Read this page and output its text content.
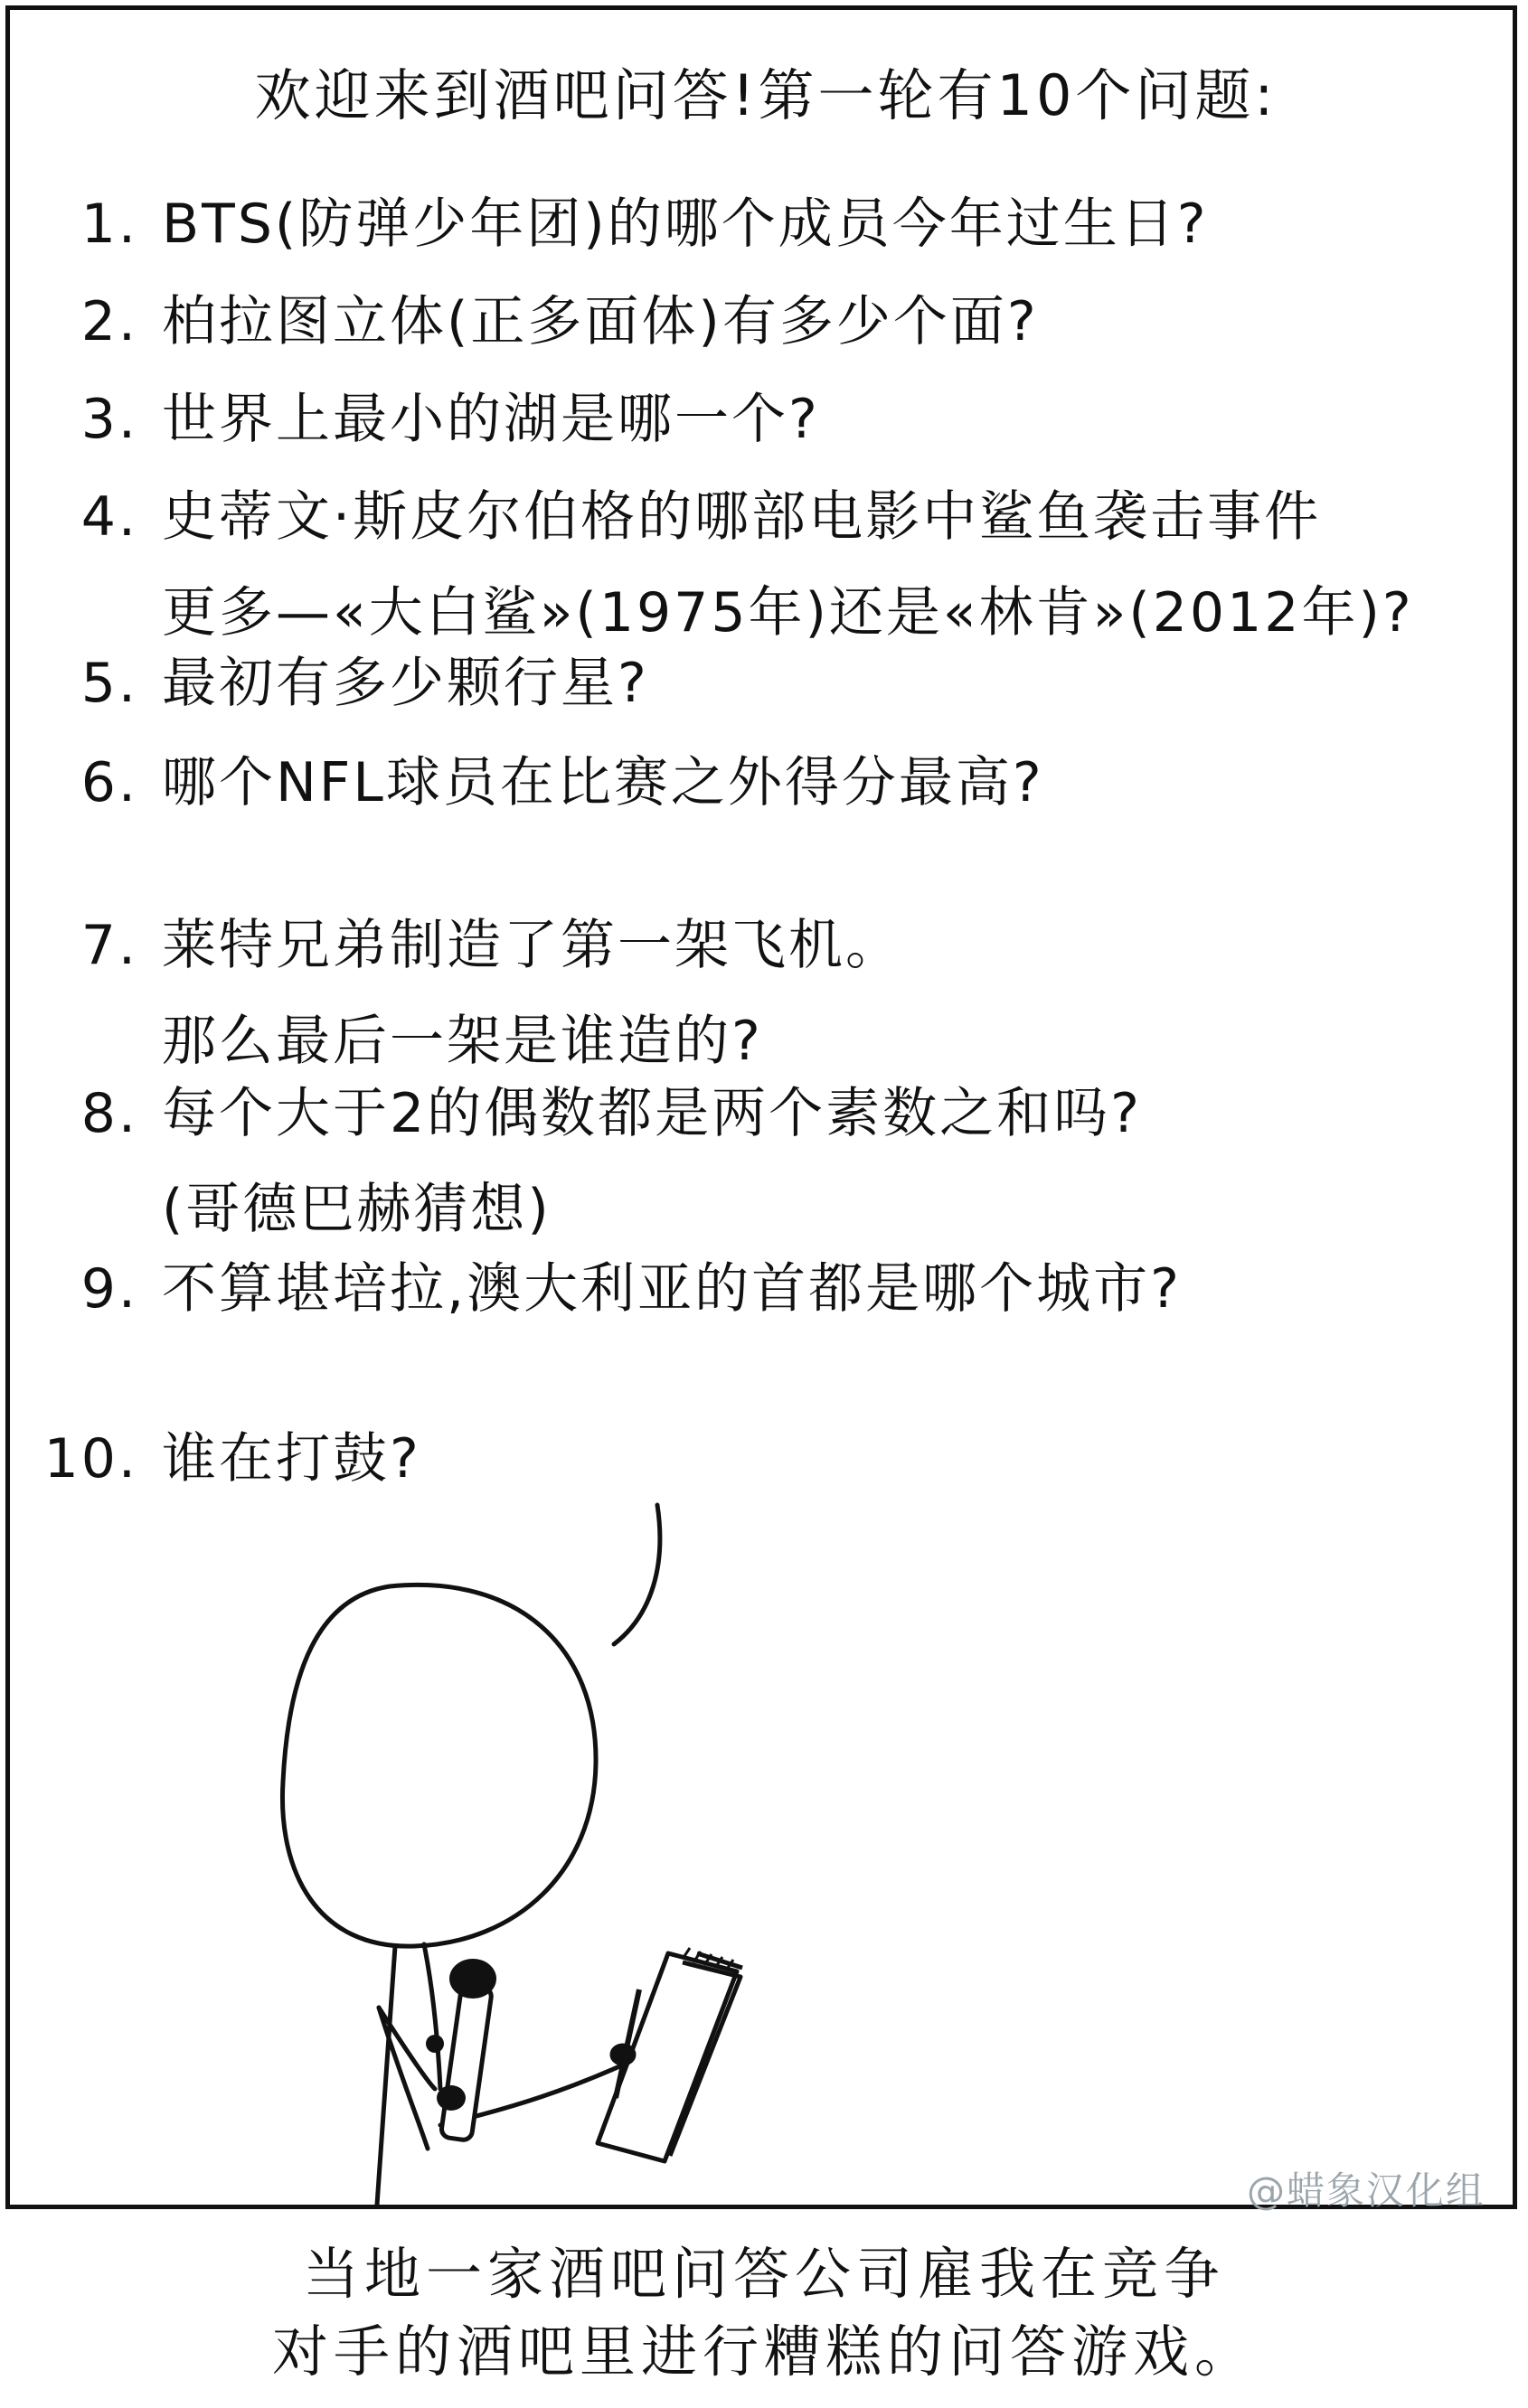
欢迎来到酒吧问答!第一轮有10个问题:
1. BTS(防弹少年团)的哪个成员今年过生日?
2. 柏拉图立体(正多面体)有多少个面?
3. 世界上最小的湖是哪一个?
4. 史蒂文·斯皮尔伯格的哪部电影中鲨鱼袭击事件
更多—«大白鲨»(1975年)还是«林肯»(2012年)?
5. 最初有多少颗行星?
6. 哪个NFL球员在比赛之外得分最高?
7. 莱特兄弟制造了第一架飞机。
那么最后一架是谁造的?
8. 每个大于2的偶数都是两个素数之和吗?
(哥德巴赫猜想)
9. 不算堪培拉,澳大利亚的首都是哪个城市?
10. 谁在打鼓?
@蜡象汉化组
当地一家酒吧问答公司雇我在竞争
对手的酒吧里进行糟糕的问答游戏。
